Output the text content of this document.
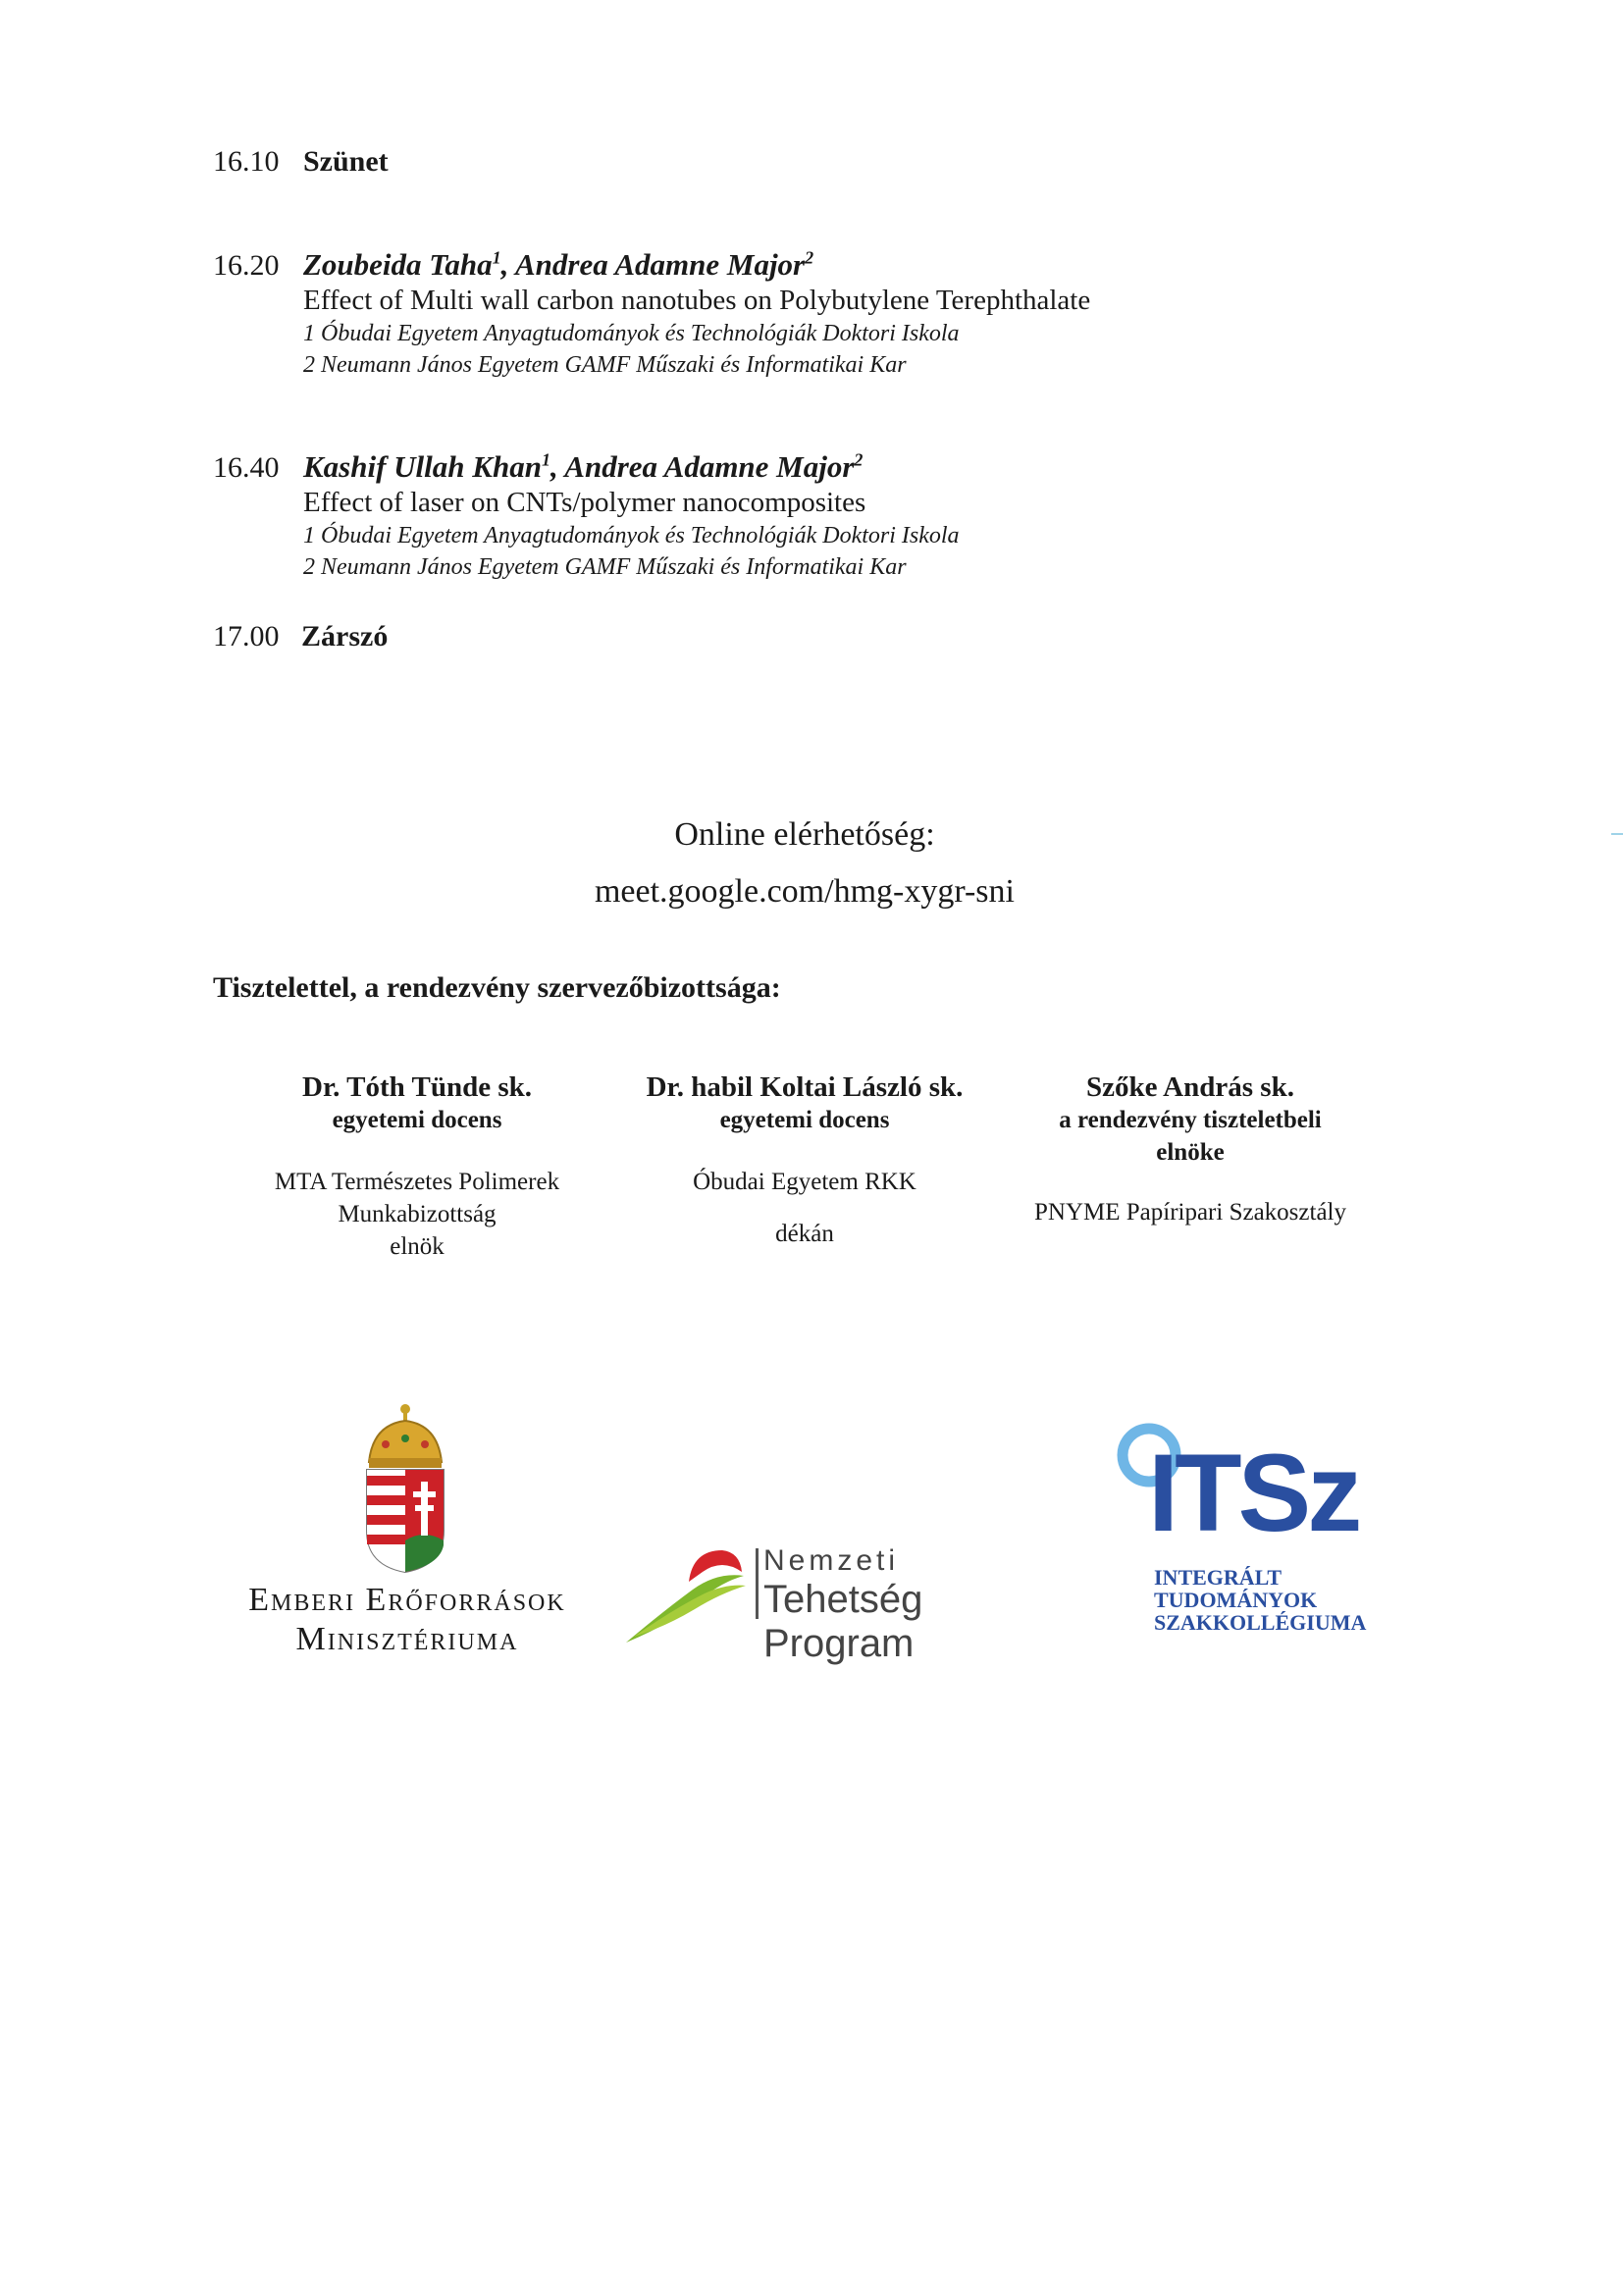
16.10 Szünet
16.20 Zoubeida Taha$^1$, Andrea Adamne Major$^2$
Effect of Multi wall carbon nanotubes on Polybutylene Terephthalate
1 Óbudai Egyetem Anyagtudományok és Technológiák Doktori Iskola
2 Neumann János Egyetem GAMF Műszaki és Informatikai Kar
16.40 Kashif Ullah Khan$^1$, Andrea Adamne Major$^2$
Effect of laser on CNTs/polymer nanocomposites
1 Óbudai Egyetem Anyagtudományok és Technológiák Doktori Iskola
2 Neumann János Egyetem GAMF Műszaki és Informatikai Kar
17.00 Zárszó
Online elérhetőség:
meet.google.com/hmg-xygr-sni
Tisztelettel, a rendezvény szervezőbizottsága:
Dr. Tóth Tünde sk.
egyetemi docens
MTA Természetes Polimerek
Munkabizottság
elnök
Dr. habil Koltai László sk.
egyetemi docens
Óbudai Egyetem RKK
dékán
Szőke András sk.
a rendezvény tiszteletbeli
elnöke
PNYME Papíripari Szakosztály
Emberi Erőforrások
Minisztériuma
Nemzeti
Tehetség Program
ITSz
INTEGRÁLT
TUDOMÁNYOK
SZAKKOLLÉGIUMA
